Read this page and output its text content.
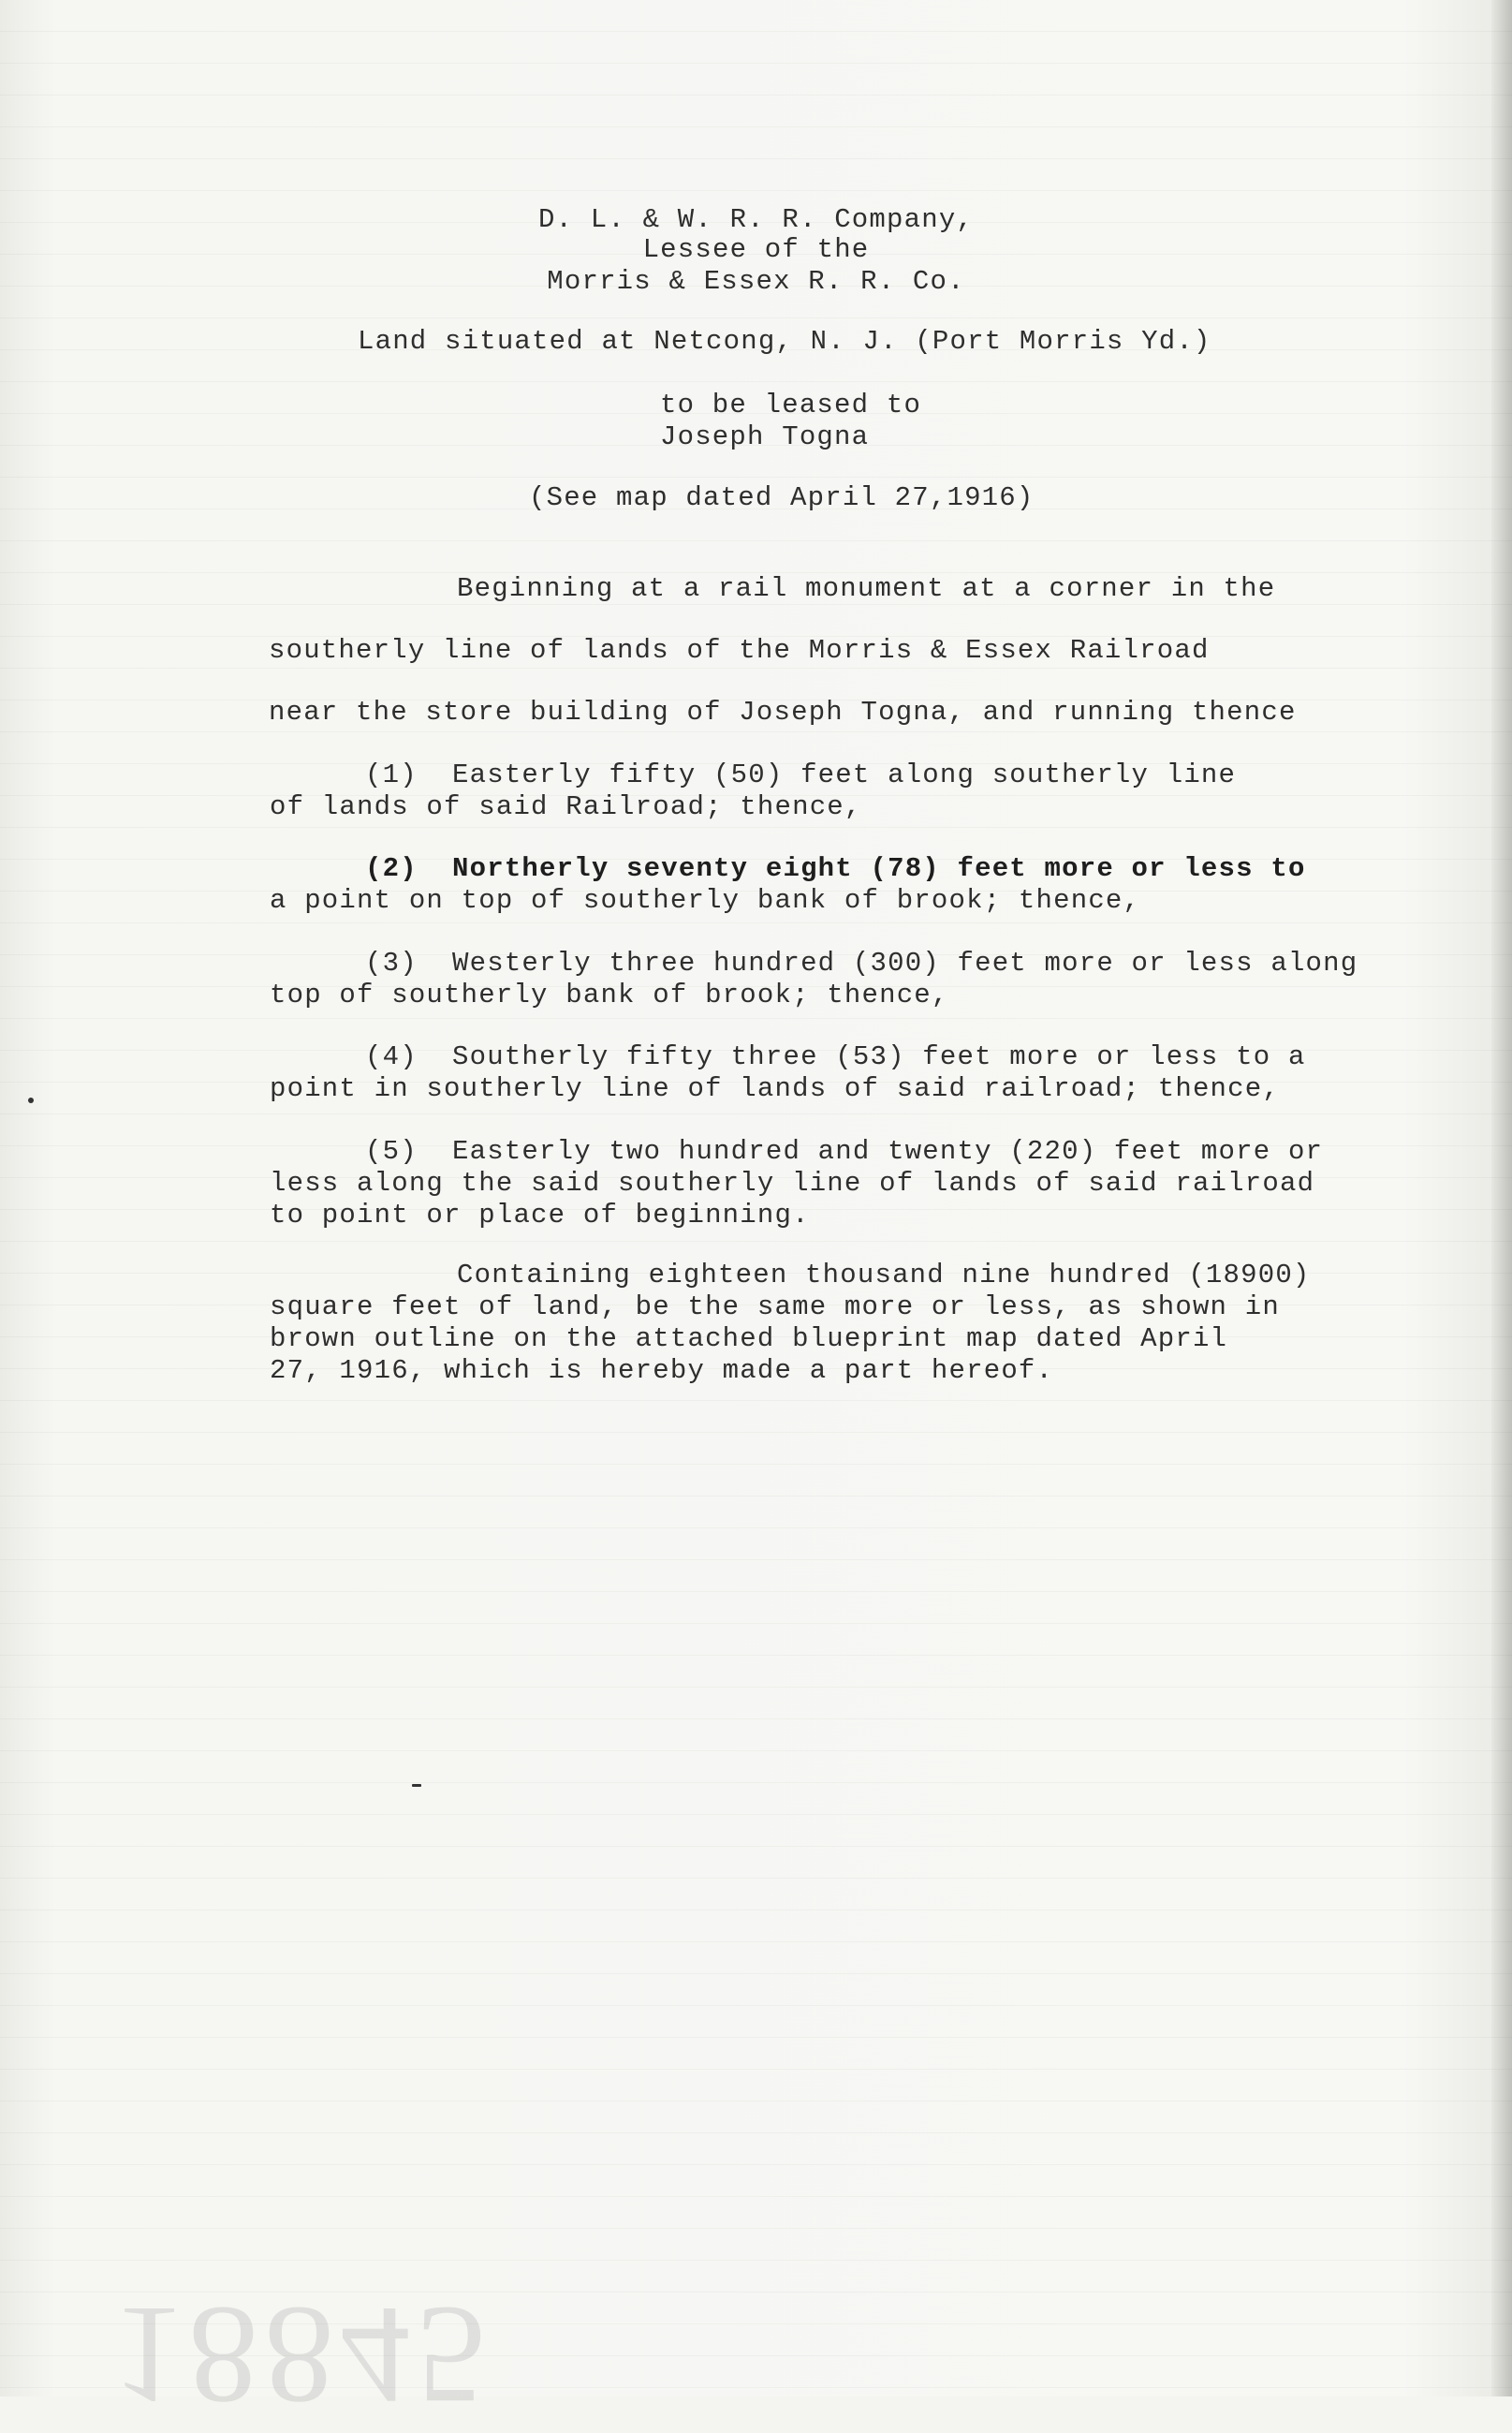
D. L. & W. R. R. Company,
Lessee of the
Morris & Essex R. R. Co.
Land situated at Netcong, N. J. (Port Morris Yd.)
to be leased to
Joseph Togna
(See map dated April 27,1916)
Beginning at a rail monument at a corner in the
southerly line of lands of the Morris & Essex Railroad
near the store building of Joseph Togna, and running thence
(1)  Easterly fifty (50) feet along southerly line
of lands of said Railroad; thence,
(2)  Northerly seventy eight (78) feet more or less to
a point on top of southerly bank of brook; thence,
(3)  Westerly three hundred (300) feet more or less along
top of southerly bank of brook; thence,
(4)  Southerly fifty three (53) feet more or less to a
point in southerly line of lands of said railroad; thence,
(5)  Easterly two hundred and twenty (220) feet more or
less along the said southerly line of lands of said railroad
to point or place of beginning.
Containing eighteen thousand nine hundred (18900)
square feet of land, be the same more or less, as shown in
brown outline on the attached blueprint map dated April
27, 1916, which is hereby made a part hereof.
18845
